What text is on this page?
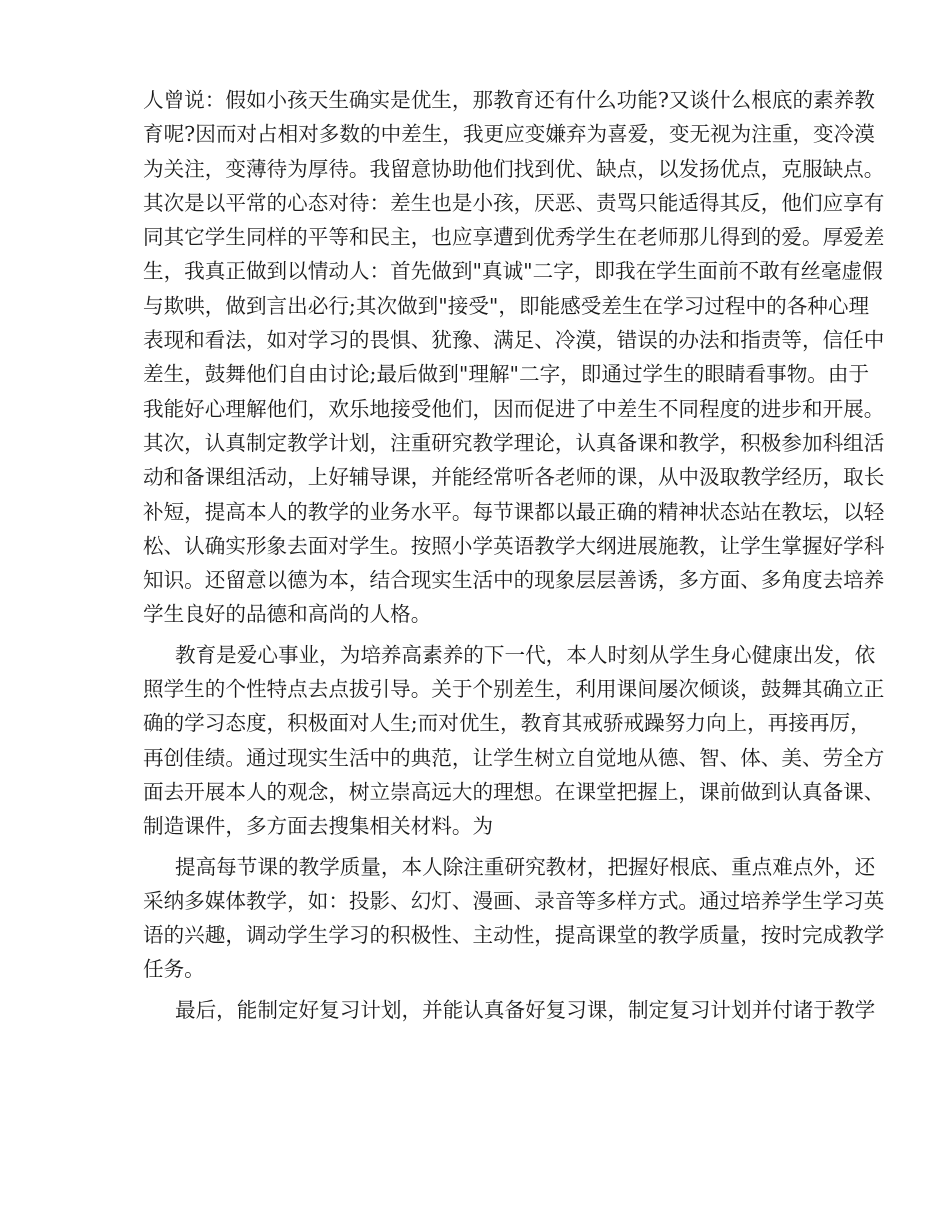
人曾说：假如小孩天生确实是优生，那教育还有什么功能?又谈什么根底的素养教
育呢?因而对占相对多数的中差生，我更应变嫌弃为喜爱，变无视为注重，变冷漠
为关注，变薄待为厚待。我留意协助他们找到优、缺点，以发扬优点，克服缺点。
其次是以平常的心态对待：差生也是小孩，厌恶、责骂只能适得其反，他们应享有
同其它学生同样的平等和民主，也应享遭到优秀学生在老师那儿得到的爱。厚爱差
生，我真正做到以情动人：首先做到"真诚"二字，即我在学生面前不敢有丝毫虚假
与欺哄，做到言出必行;其次做到"接受"，即能感受差生在学习过程中的各种心理
表现和看法，如对学习的畏惧、犹豫、满足、冷漠，错误的办法和指责等，信任中
差生，鼓舞他们自由讨论;最后做到"理解"二字，即通过学生的眼睛看事物。由于
我能好心理解他们，欢乐地接受他们，因而促进了中差生不同程度的进步和开展。
其次，认真制定教学计划，注重研究教学理论，认真备课和教学，积极参加科组活
动和备课组活动，上好辅导课，并能经常听各老师的课，从中汲取教学经历，取长
补短，提高本人的教学的业务水平。每节课都以最正确的精神状态站在教坛，以轻
松、认确实形象去面对学生。按照小学英语教学大纲进展施教，让学生掌握好学科
知识。还留意以德为本，结合现实生活中的现象层层善诱，多方面、多角度去培养
学生良好的品德和高尚的人格。
教育是爱心事业，为培养高素养的下一代，本人时刻从学生身心健康出发，依
照学生的个性特点去点拔引导。关于个别差生，利用课间屡次倾谈，鼓舞其确立正
确的学习态度，积极面对人生;而对优生，教育其戒骄戒躁努力向上，再接再厉，
再创佳绩。通过现实生活中的典范，让学生树立自觉地从德、智、体、美、劳全方
面去开展本人的观念，树立崇高远大的理想。在课堂把握上，课前做到认真备课、
制造课件，多方面去搜集相关材料。为
提高每节课的教学质量，本人除注重研究教材，把握好根底、重点难点外，还
采纳多媒体教学，如：投影、幻灯、漫画、录音等多样方式。通过培养学生学习英
语的兴趣，调动学生学习的积极性、主动性，提高课堂的教学质量，按时完成教学
任务。
最后，能制定好复习计划，并能认真备好复习课，制定复习计划并付诸于教学
